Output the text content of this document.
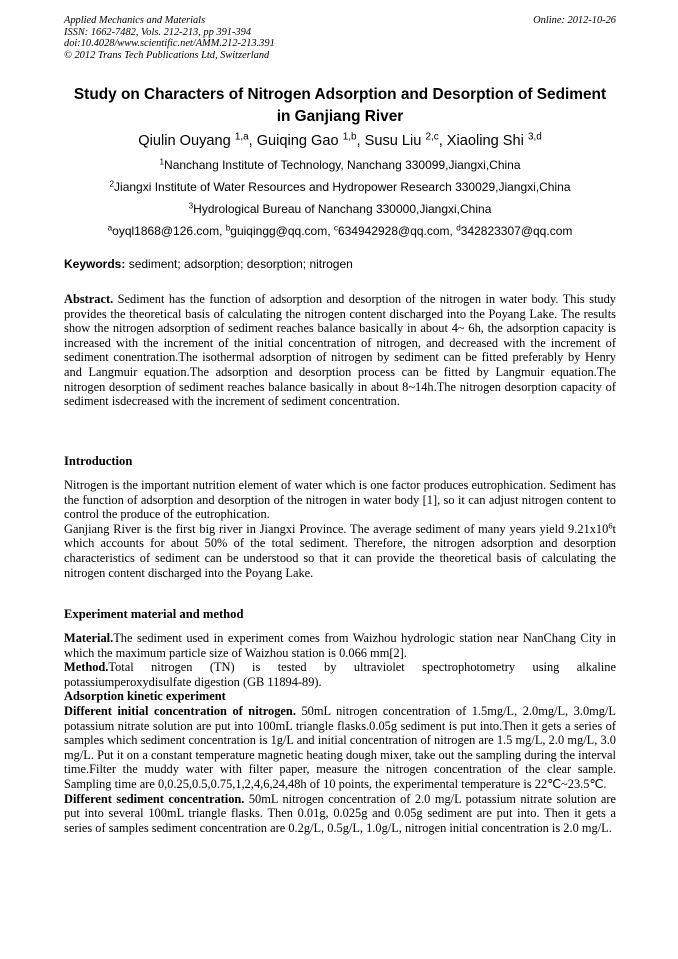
Applied Mechanics and Materials
ISSN: 1662-7482, Vols. 212-213, pp 391-394
doi:10.4028/www.scientific.net/AMM.212-213.391
© 2012 Trans Tech Publications Ltd, Switzerland
Online: 2012-10-26
Study on Characters of Nitrogen Adsorption and Desorption of Sediment
in Ganjiang River
Qiulin Ouyang $^{1,a}$, Guiqing Gao $^{1,b}$, Susu Liu $^{2,c}$, Xiaoling Shi $^{3,d}$
$^1$Nanchang Institute of Technology, Nanchang 330099,Jiangxi,China
$^2$Jiangxi Institute of Water Resources and Hydropower Research 330029,Jiangxi,China
$^3$Hydrological Bureau of Nanchang 330000,Jiangxi,China
$^a$oyql1868@126.com, $^b$guiqingg@qq.com, $^c$634942928@qq.com, $^d$342823307@qq.com
Keywords: sediment; adsorption; desorption; nitrogen

Abstract. Sediment has the function of adsorption and desorption of the nitrogen in water body. This study provides the theoretical basis of calculating the nitrogen content discharged into the Poyang Lake. The results show the nitrogen adsorption of sediment reaches balance basically in about 4~ 6h, the adsorption capacity is increased with the increment of the initial concentration of nitrogen, and decreased with the increment of sediment conentration.The isothermal adsorption of nitrogen by sediment can be fitted preferably by Henry and Langmuir equation.The adsorption and desorption process can be fitted by Langmuir equation.The nitrogen desorption of sediment reaches balance basically in about 8~14h.The nitrogen desorption capacity of sediment isdecreased with the increment of sediment concentration.

Introduction

Nitrogen is the important nutrition element of water which is one factor produces eutrophication. Sediment has the function of adsorption and desorption of the nitrogen in water body [1], so it can adjust nitrogen content to control the produce of the eutrophication.

Ganjiang River is the first big river in Jiangxi Province. The average sediment of many years yield $9.21x10^6t$ which accounts for about 50% of the total sediment. Therefore, the nitrogen adsorption and desorption characteristics of sediment can be understood so that it can provide the theoretical basis of calculating the nitrogen content discharged into the Poyang Lake.

Experiment material and method

Material.The sediment used in experiment comes from Waizhou hydrologic station near NanChang City in which the maximum particle size of Waizhou station is 0.066 mm[2].

Method.Total nitrogen (TN) is tested by ultraviolet spectrophotometry using alkaline potassiumperoxydisulfate digestion (GB 11894-89).

Adsorption kinetic experiment

Different initial concentration of nitrogen. 50mL nitrogen concentration of 1.5mg/L, 2.0mg/L, 3.0mg/L potassium nitrate solution are put into 100mL triangle flasks.0.05g sediment is put into.Then it gets a series of samples which sediment concentration is 1g/L and initial concentration of nitrogen are 1.5 mg/L, 2.0 mg/L, 3.0 mg/L. Put it on a constant temperature magnetic heating dough mixer, take out the sampling during the interval time.Filter the muddy water with filter paper, measure the nitrogen concentration of the clear sample. Sampling time are 0,0.25,0.5,0.75,1,2,4,6,24,48h of 10 points, the experimental temperature is 22℃~23.5℃.

Different sediment concentration. 50mL nitrogen concentration of 2.0 mg/L potassium nitrate solution are put into several 100mL triangle flasks. Then 0.01g, 0.025g and 0.05g sediment are put into. Then it gets a series of samples sediment concentration are 0.2g/L, 0.5g/L, 1.0g/L, nitrogen initial concentration is 2.0 mg/L.
